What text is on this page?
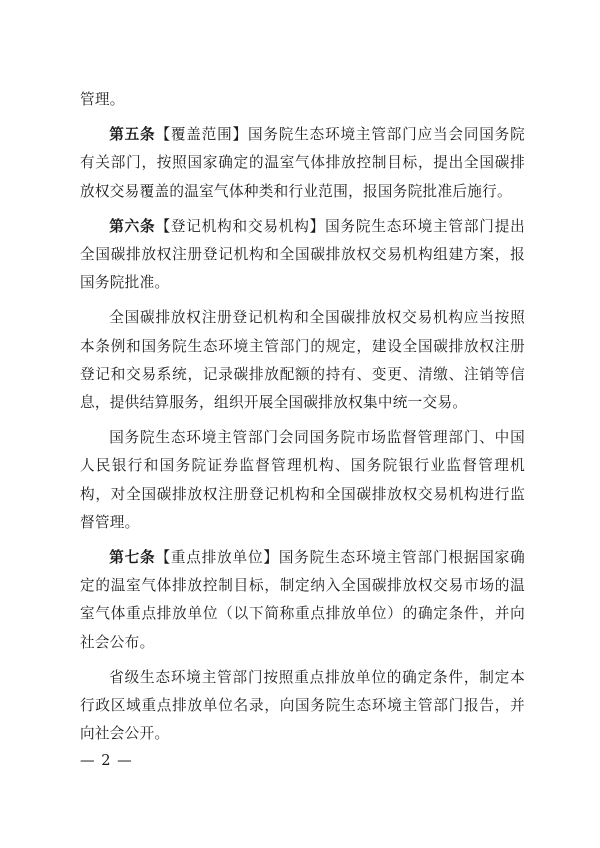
管理。

第五条【覆盖范围】国务院生态环境主管部门应当会同国务院有关部门，按照国家确定的温室气体排放控制目标，提出全国碳排放权交易覆盖的温室气体种类和行业范围，报国务院批准后施行。

第六条【登记机构和交易机构】国务院生态环境主管部门提出全国碳排放权注册登记机构和全国碳排放权交易机构组建方案，报国务院批准。

全国碳排放权注册登记机构和全国碳排放权交易机构应当按照本条例和国务院生态环境主管部门的规定，建设全国碳排放权注册登记和交易系统，记录碳排放配额的持有、变更、清缴、注销等信息，提供结算服务，组织开展全国碳排放权集中统一交易。

国务院生态环境主管部门会同国务院市场监督管理部门、中国人民银行和国务院证券监督管理机构、国务院银行业监督管理机构，对全国碳排放权注册登记机构和全国碳排放权交易机构进行监督管理。

第七条【重点排放单位】国务院生态环境主管部门根据国家确定的温室气体排放控制目标，制定纳入全国碳排放权交易市场的温室气体重点排放单位（以下简称重点排放单位）的确定条件，并向社会公布。

省级生态环境主管部门按照重点排放单位的确定条件，制定本行政区域重点排放单位名录，向国务院生态环境主管部门报告，并向社会公开。

— 2 —
